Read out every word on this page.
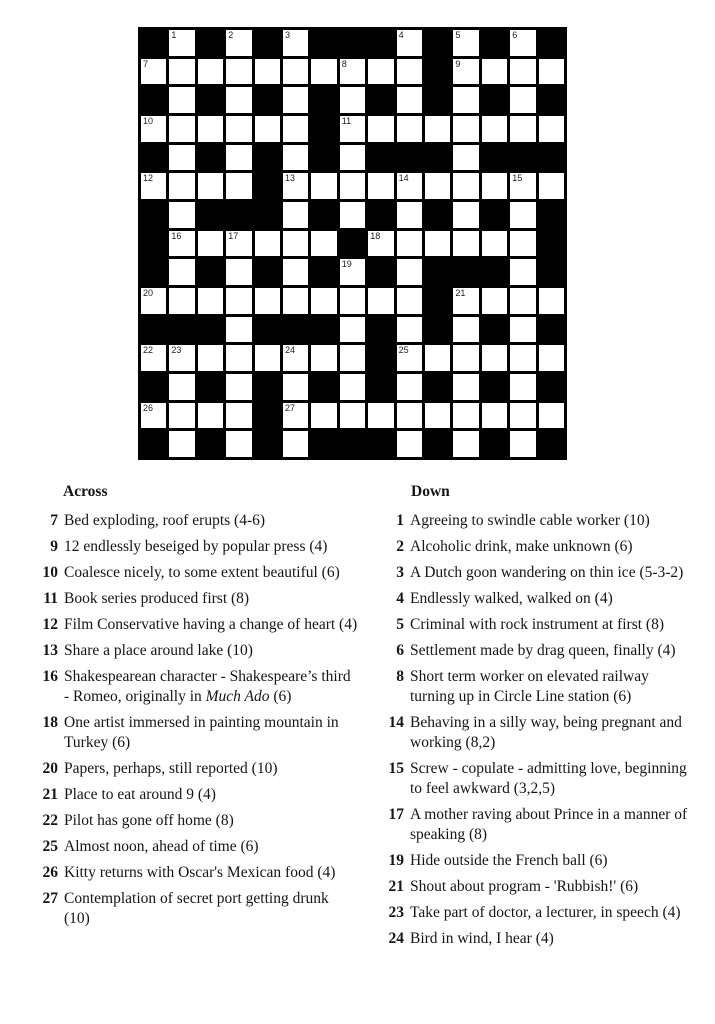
1	2	3	4	5	6
7	8	9
10	11
12	13	14	15
16	17	18
19
20	21
22 23	24	25
26	27
Across
7 Bed exploding, roof erupts (4-6)
9 12 endlessly beseiged by popular press (4)
10 Coalesce nicely, to some extent beautiful (6)
11 Book series produced first (8)
12 Film Conservative having a change of heart (4)
13 Share a place around lake (10)
16 Shakespearean character - Shakespeare’s third - Romeo, originally in Much Ado (6)
18 One artist immersed in painting mountain in Turkey (6)
20 Papers, perhaps, still reported (10)
21 Place to eat around 9 (4)
22 Pilot has gone off home (8)
25 Almost noon, ahead of time (6)
26 Kitty returns with Oscar's Mexican food (4)
27 Contemplation of secret port getting drunk (10)
Down
1 Agreeing to swindle cable worker (10)
2 Alcoholic drink, make unknown (6)
3 A Dutch goon wandering on thin ice (5-3-2)
4 Endlessly walked, walked on (4)
5 Criminal with rock instrument at first (8)
6 Settlement made by drag queen, finally (4)
8 Short term worker on elevated railway turning up in Circle Line station (6)
14 Behaving in a silly way, being pregnant and working (8,2)
15 Screw - copulate - admitting love, beginning to feel awkward (3,2,5)
17 A mother raving about Prince in a manner of speaking (8)
19 Hide outside the French ball (6)
21 Shout about program - 'Rubbish!' (6)
23 Take part of doctor, a lecturer, in speech (4)
24 Bird in wind, I hear (4)
